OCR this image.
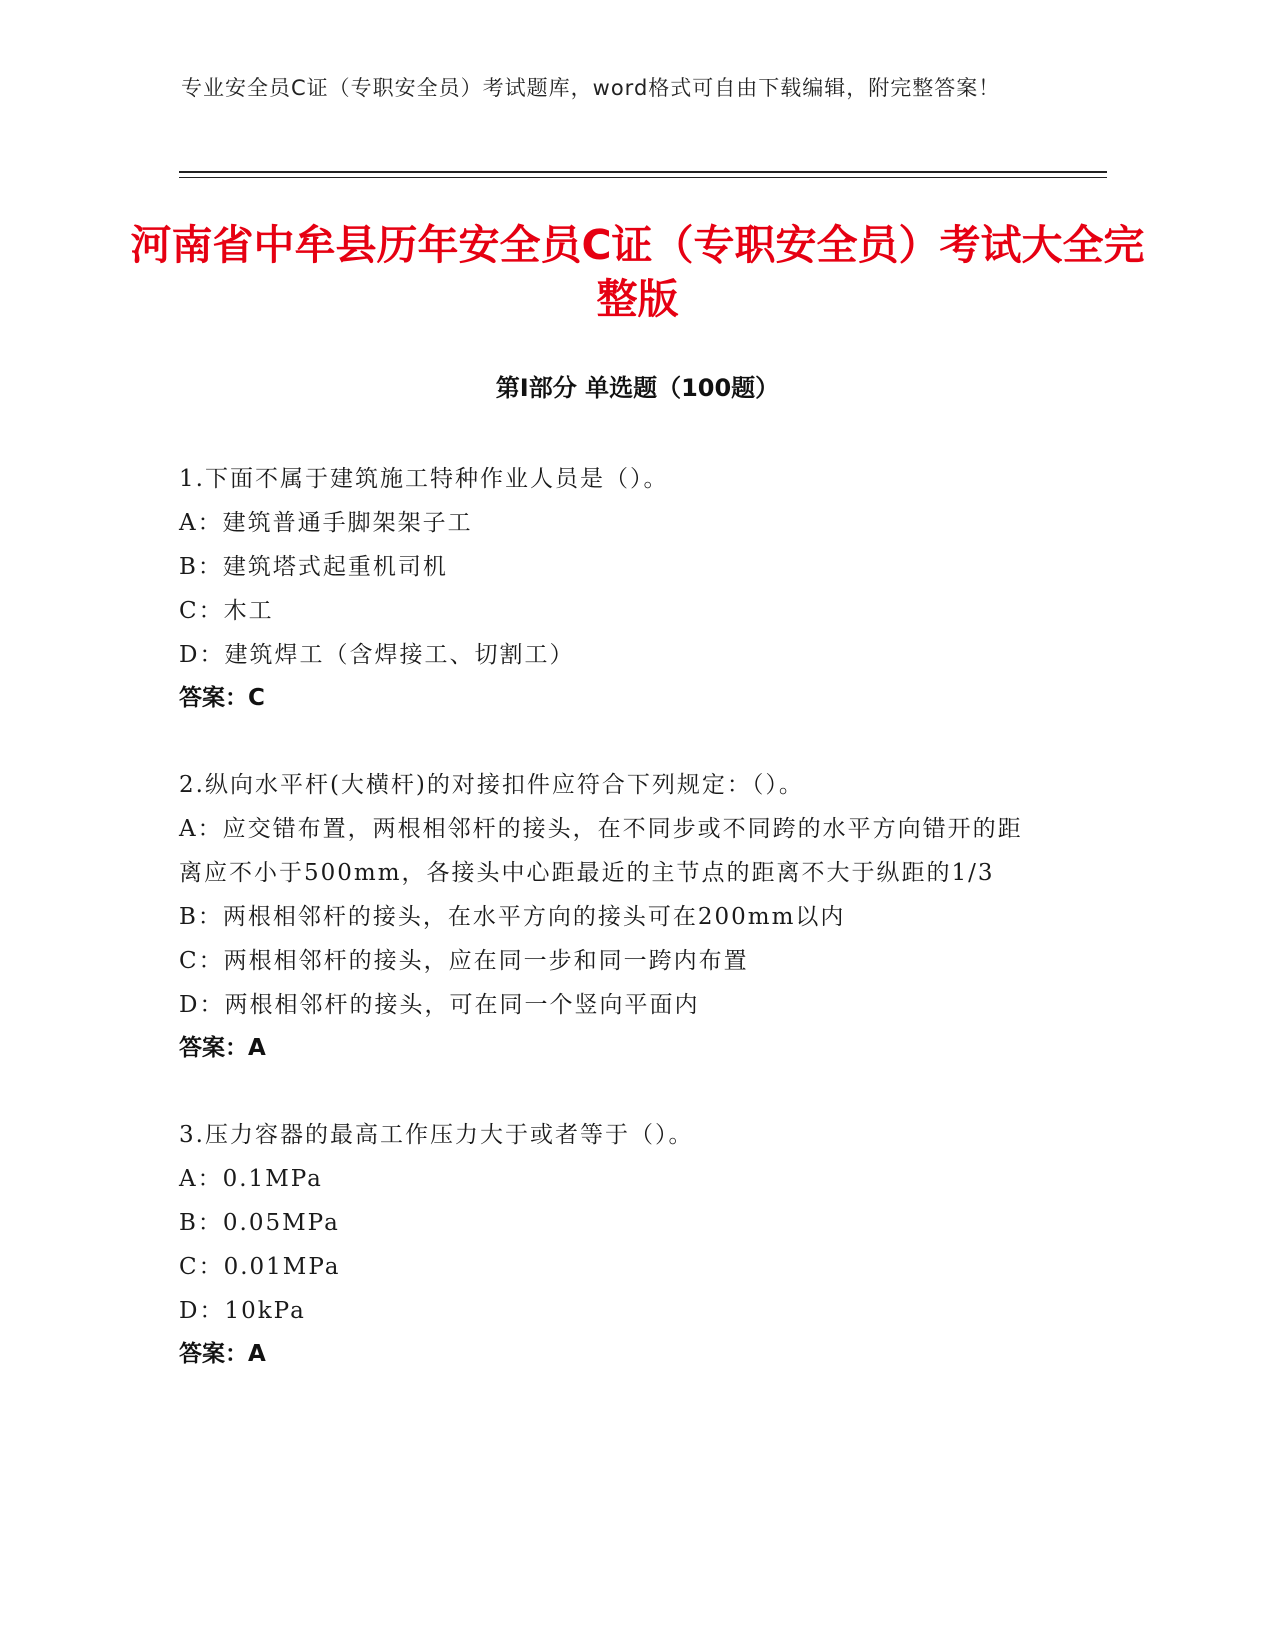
专业安全员C证（专职安全员）考试题库，word格式可自由下载编辑，附完整答案！
河南省中牟县历年安全员C证（专职安全员）考试大全完整版
第I部分 单选题（100题）
1.下面不属于建筑施工特种作业人员是（）。
A：建筑普通手脚架架子工
B：建筑塔式起重机司机
C：木工
D：建筑焊工（含焊接工、切割工）
答案：C
2.纵向水平杆(大横杆)的对接扣件应符合下列规定：（）。
A：应交错布置，两根相邻杆的接头，在不同步或不同跨的水平方向错开的距离应不小于500mm，各接头中心距最近的主节点的距离不大于纵距的1/3
B：两根相邻杆的接头，在水平方向的接头可在200mm以内
C：两根相邻杆的接头，应在同一步和同一跨内布置
D：两根相邻杆的接头，可在同一个竖向平面内
答案：A
3.压力容器的最高工作压力大于或者等于（）。
A：0.1MPa
B：0.05MPa
C：0.01MPa
D：10kPa
答案：A
